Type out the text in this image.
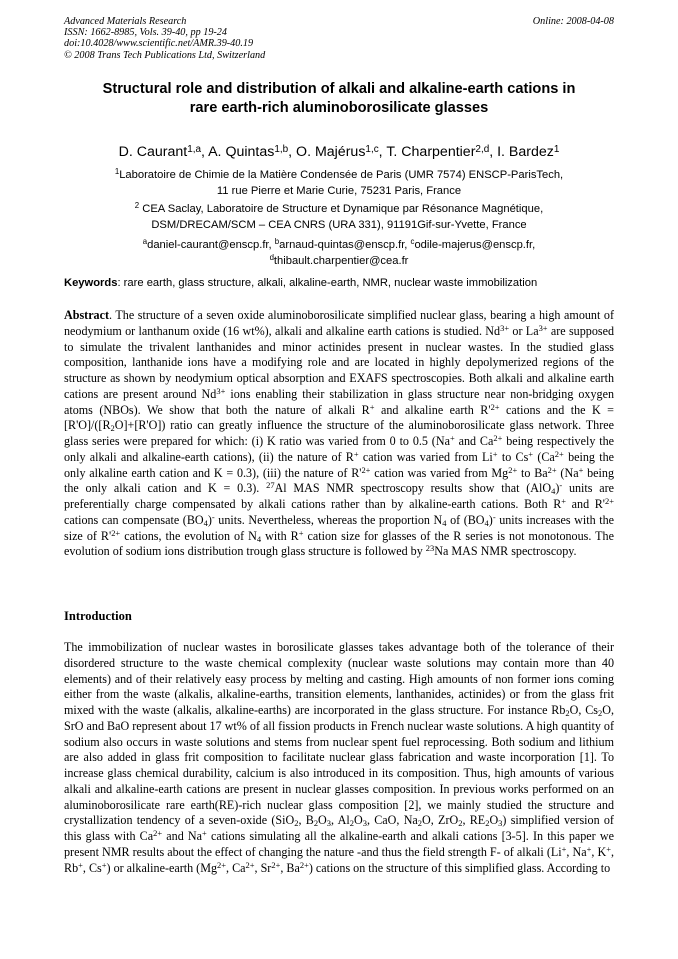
Advanced Materials Research
ISSN: 1662-8985, Vols. 39-40, pp 19-24
doi:10.4028/www.scientific.net/AMR.39-40.19
© 2008 Trans Tech Publications Ltd, Switzerland
Online: 2008-04-08
Structural role and distribution of alkali and alkaline-earth cations in
rare earth-rich aluminoborosilicate glasses
D. Caurant$^{1,a}$, A. Quintas$^{1,b}$, O. Majérus$^{1,c}$, T. Charpentier$^{2,d}$, I. Bardez$^1$
$^1$Laboratoire de Chimie de la Matière Condensée de Paris (UMR 7574) ENSCP-ParisTech,
11 rue Pierre et Marie Curie, 75231 Paris, France
$^2$ CEA Saclay, Laboratoire de Structure et Dynamique par Résonance Magnétique,
DSM/DRECAM/SCM – CEA CNRS (URA 331), 91191Gif-sur-Yvette, France
$^a$daniel-caurant@enscp.fr, $^b$arnaud-quintas@enscp.fr, $^c$odile-majerus@enscp.fr,
$^d$thibault.charpentier@cea.fr
Keywords: rare earth, glass structure, alkali, alkaline-earth, NMR, nuclear waste immobilization
Abstract. The structure of a seven oxide aluminoborosilicate simplified nuclear glass, bearing a high amount of neodymium or lanthanum oxide (16 wt%), alkali and alkaline earth cations is studied. $Nd^{3+}$ or $La^{3+}$ are supposed to simulate the trivalent lanthanides and minor actinides present in nuclear wastes. In the studied glass composition, lanthanide ions have a modifying role and are located in highly depolymerized regions of the structure as shown by neodymium optical absorption and EXAFS spectroscopies. Both alkali and alkaline earth cations are present around $Nd^{3+}$ ions enabling their stabilization in glass structure near non-bridging oxygen atoms (NBOs). We show that both the nature of alkali R+ and alkaline earth $R'^{2+}$ cations and the $K = [R'O]/([R_2O]+[R'O])$ ratio can greatly influence the structure of the aluminoborosilicate glass network. Three glass series were prepared for which: (i) K ratio was varied from 0 to 0.5 (Na+ and $Ca^{2+}$ being respectively the only alkali and alkaline-earth cations), (ii) the nature of R+ cation was varied from Li+ to Cs+ ($Ca^{2+}$ being the only alkaline earth cation and K = 0.3), (iii) the nature of $R'^{2+}$ cation was varied from $Mg^{2+}$ to $Ba^{2+}$ (Na+ being the only alkali cation and K = 0.3). $^{27}$Al MAS NMR spectroscopy results show that (AlO$_4$)- units are preferentially charge compensated by alkali cations rather than by alkaline-earth cations. Both R+ and $R'^{2+}$ cations can compensate $(BO_4)^-$ units. Nevertheless, whereas the proportion $N_4$ of $(BO_4)^-$ units increases with the size of $R'^{2+}$ cations, the evolution of $N_4$ with R+ cation size for glasses of the R series is not monotonous. The evolution of sodium ions distribution trough glass structure is followed by $^{23}$Na MAS NMR spectroscopy.
Introduction
The immobilization of nuclear wastes in borosilicate glasses takes advantage both of the tolerance of their disordered structure to the waste chemical complexity (nuclear waste solutions may contain more than 40 elements) and of their relatively easy process by melting and casting. High amounts of non former ions coming either from the waste (alkalis, alkaline-earths, transition elements, lanthanides, actinides) or from the glass frit mixed with the waste (alkalis, alkaline-earths) are incorporated in the glass structure. For instance $Rb_2O$, $Cs_2O$, SrO and BaO represent about 17 wt% of all fission products in French nuclear waste solutions. A high quantity of sodium also occurs in waste solutions and stems from nuclear spent fuel reprocessing. Both sodium and lithium are also added in glass frit composition to facilitate nuclear glass fabrication and waste incorporation [1]. To increase glass chemical durability, calcium is also introduced in its composition. Thus, high amounts of various alkali and alkaline-earth cations are present in nuclear glasses composition. In previous works performed on an aluminoborosilicate rare earth(RE)-rich nuclear glass composition [2], we mainly studied the structure and crystallization tendency of a seven-oxide (SiO$_2$, $B_2O_3$, $Al_2O_3$, CaO, $Na_2O$, ZrO$_2$, $RE_2O_3$) simplified version of this glass with $Ca^{2+}$ and Na+ cations simulating all the alkaline-earth and alkali cations [3-5]. In this paper we present NMR results about the effect of changing the nature -and thus the field strength F- of alkali (Li+, Na+, K+, Rb+, Cs+) or alkaline-earth ($Mg^{2+}$, $Ca^{2+}$, $Sr^{2+}$, $Ba^{2+}$) cations on the structure of this simplified glass. According to
